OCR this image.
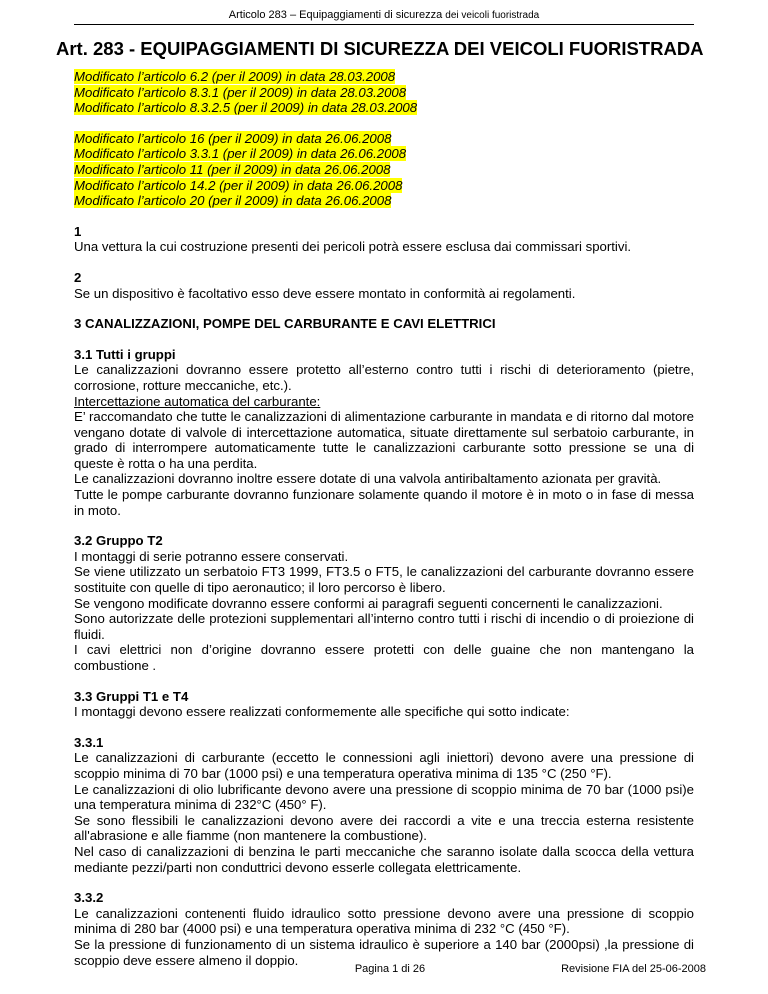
Articolo 283 – Equipaggiamenti di sicurezza dei veicoli fuoristrada
Art. 283 - EQUIPAGGIAMENTI DI SICUREZZA DEI VEICOLI FUORISTRADA
Modificato l’articolo 6.2 (per il 2009) in data 28.03.2008
Modificato l’articolo 8.3.1 (per il 2009) in data 28.03.2008
Modificato l’articolo 8.3.2.5 (per il 2009) in data 28.03.2008
Modificato l’articolo 16 (per il 2009) in data 26.06.2008
Modificato l’articolo 3.3.1 (per il 2009) in data 26.06.2008
Modificato l’articolo 11 (per il 2009) in data 26.06.2008
Modificato l’articolo 14.2 (per il 2009) in data 26.06.2008
Modificato l’articolo 20 (per il 2009) in data 26.06.2008

1

Una vettura la cui costruzione presenti dei pericoli potrà essere esclusa dai commissari sportivi.

2

Se un dispositivo è facoltativo esso deve essere montato in conformità ai regolamenti.

3 CANALIZZAZIONI, POMPE DEL CARBURANTE E CAVI ELETTRICI

3.1 Tutti i gruppi

Le canalizzazioni dovranno essere protetto all’esterno contro tutti i rischi di deterioramento (pietre, corrosione, rotture meccaniche, etc.).

Intercettazione automatica del carburante:

E’ raccomandato che tutte le canalizzazioni di alimentazione carburante in mandata e di ritorno dal motore vengano dotate di valvole di intercettazione automatica, situate direttamente sul serbatoio carburante, in grado di interrompere automaticamente tutte le canalizzazioni carburante sotto pressione se una di queste è rotta o ha una perdita.

Le canalizzazioni dovranno inoltre essere dotate di una valvola antiribaltamento azionata per gravità.

Tutte le pompe carburante dovranno funzionare solamente quando il motore è in moto o in fase di messa in moto.

3.2 Gruppo T2

I montaggi di serie potranno essere conservati.

Se viene utilizzato un serbatoio FT3 1999, FT3.5 o FT5, le canalizzazioni del carburante dovranno essere sostituite con quelle di tipo aeronautico; il loro percorso è libero.

Se vengono modificate dovranno essere conformi ai paragrafi seguenti concernenti le canalizzazioni.

Sono autorizzate delle protezioni supplementari all’interno contro tutti i rischi di incendio o di proiezione di fluidi.

I cavi elettrici non d’origine dovranno essere protetti con delle guaine che non mantengano la combustione .

3.3 Gruppi T1 e T4

I montaggi devono essere realizzati conformemente alle specifiche qui sotto indicate:

3.3.1

Le canalizzazioni di carburante (eccetto le connessioni agli iniettori) devono avere una pressione di scoppio minima di 70 bar (1000 psi) e una temperatura operativa minima di 135 °C (250 °F).

Le canalizzazioni di olio lubrificante devono avere una pressione di scoppio minima de 70 bar (1000 psi)e una temperatura minima di 232°C (450° F).

Se sono flessibili le canalizzazioni devono avere dei raccordi a vite e una treccia esterna resistente all'abrasione e alle fiamme (non mantenere la combustione).

Nel caso di canalizzazioni di benzina le parti meccaniche che saranno isolate dalla scocca della vettura mediante pezzi/parti non conduttrici devono esserle collegata elettricamente.

3.3.2

Le canalizzazioni contenenti fluido idraulico sotto pressione devono avere una pressione di scoppio minima di 280 bar (4000 psi) e una temperatura operativa minima di 232 °C (450 °F).

Se la pressione di funzionamento di un sistema idraulico è superiore a 140 bar (2000psi) ,la pressione di scoppio deve essere almeno il doppio.

Pagina 1 di 26	Revisione FIA del 25-06-2008
